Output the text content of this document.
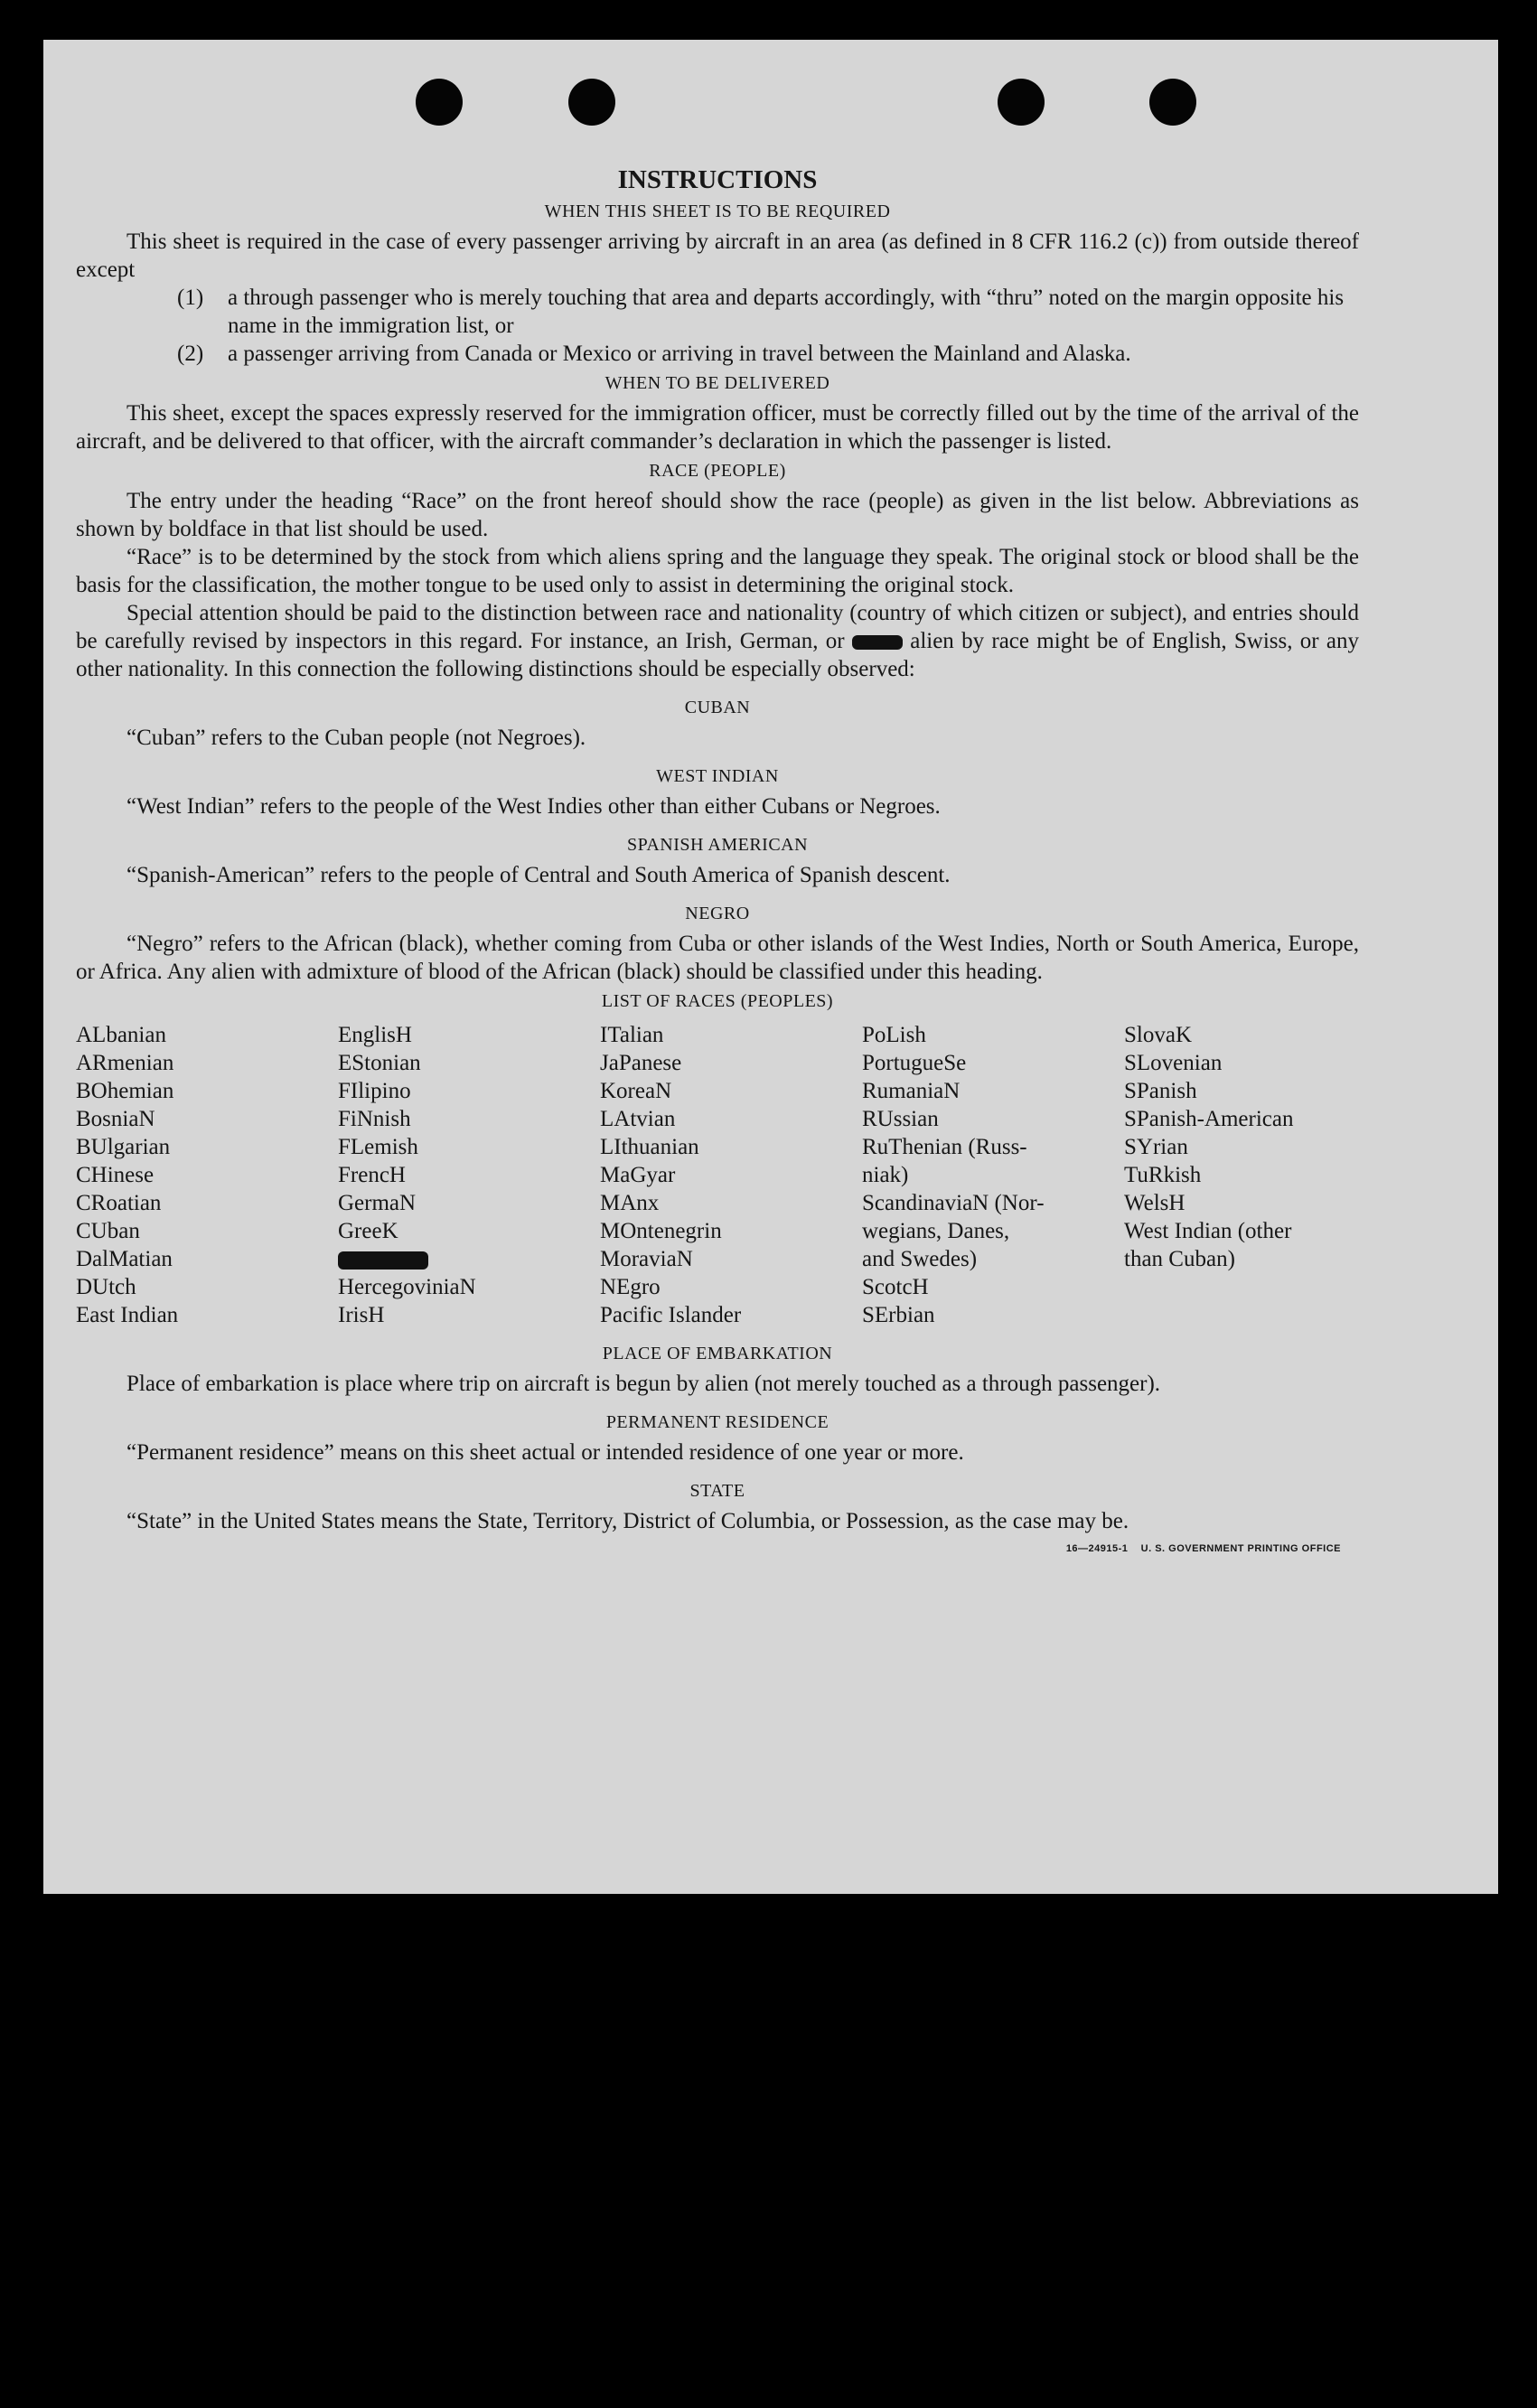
INSTRUCTIONS
WHEN THIS SHEET IS TO BE REQUIRED

This sheet is required in the case of every passenger arriving by aircraft in an area (as defined in 8 CFR 116.2 (c)) from outside thereof except

(1)	a through passenger who is merely touching that area and departs accordingly, with “thru” noted on the margin opposite his name in the immigration list, or
(2)	a passenger arriving from Canada or Mexico or arriving in travel between the Mainland and Alaska.
WHEN TO BE DELIVERED

This sheet, except the spaces expressly reserved for the immigration officer, must be correctly filled out by the time of the arrival of the aircraft, and be delivered to that officer, with the aircraft commander’s declaration in which the passenger is listed.

RACE (PEOPLE)

The entry under the heading “Race” on the front hereof should show the race (people) as given in the list below. Abbreviations as shown by boldface in that list should be used.

“Race” is to be determined by the stock from which aliens spring and the language they speak. The original stock or blood shall be the basis for the classification, the mother tongue to be used only to assist in determining the original stock.

Special attention should be paid to the distinction between race and nationality (country of which citizen or subject), and entries should be carefully revised by inspectors in this regard. For instance, an Irish, German, or	alien by race might be of English, Swiss, or any other nationality. In this connection the following distinctions should be especially observed:

CUBAN

“Cuban” refers to the Cuban people (not Negroes).

WEST INDIAN

“West Indian” refers to the people of the West Indies other than either Cubans or Negroes.

SPANISH AMERICAN

“Spanish-American” refers to the people of Central and South America of Spanish descent.

NEGRO

“Negro” refers to the African (black), whether coming from Cuba or other islands of the West Indies, North or South America, Europe, or Africa. Any alien with admixture of blood of the African (black) should be classified under this heading.

LIST OF RACES (PEOPLES)
ALbanian
ARmenian
BOhemian
BosniaN
BUlgarian
CHinese
CRoatian
CUban
DalMatian
DUtch
East Indian
EnglisH
EStonian
FIlipino
FiNnish
FLemish
FrencH
GermaN
GreeK
HercegoviniaN
IrisH
ITalian
JaPanese
KoreaN
LAtvian
LIthuanian
MaGyar
MAnx
MOntenegrin
MoraviaN
NEgro
Pacific Islander
PoLish
PortugueSe
RumaniaN
RUssian
RuThenian (Russ-
niak)
ScandinaviaN (Nor-
wegians, Danes,
and Swedes)
ScotcH
SErbian
SlovaK
SLovenian
SPanish
SPanish-American
SYrian
TuRkish
WelsH
West Indian (other
than Cuban)
PLACE OF EMBARKATION

Place of embarkation is place where trip on aircraft is begun by alien (not merely touched as a through passenger).

PERMANENT RESIDENCE

“Permanent residence” means on this sheet actual or intended residence of one year or more.

STATE

“State” in the United States means the State, Territory, District of Columbia, or Possession, as the case may be.

16—24915-1 U. S. GOVERNMENT PRINTING OFFICE
